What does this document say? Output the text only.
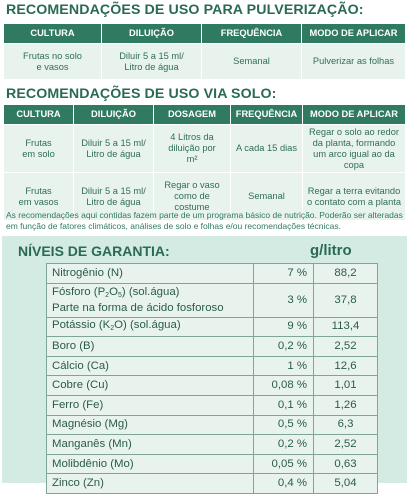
RECOMENDAÇÕES DE USO PARA PULVERIZAÇÃO:
CULTURA	DILUIÇÃO	FREQUÊNCIA	MODO DE APLICAR
Frutas no solo e vasos	Diluir 5 a 15 ml/ Litro de água	Semanal	Pulverizar as folhas
RECOMENDAÇÕES DE USO VIA SOLO:
CULTURA	DILUIÇÃO	DOSAGEM	FREQUÊNCIA	MODO DE APLICAR
Frutas em solo	Diluir 5 a 15 ml/ Litro de água	4 Litros da diluição por m²	A cada 15 dias	Regar o solo ao redor da planta, formando um arco igual ao da copa
Frutas em vasos	Diluir 5 a 15 ml/ Litro de água	Regar o vaso como de costume	Semanal	Regar a terra evitando o contato com a planta
As recomendações aqui contidas fazem parte de um programa básico de nutrição. Poderão ser alteradas em função de fatores climáticos, análises de solo e folhas e/ou recomendações técnicas.
NÍVEIS DE GARANTIA:	g/litro
Nitrogênio (N)	7 %	88,2
Fósforo $(P_2O_5)$ (sol.água)
Parte na forma de ácido fosforoso	3 %	37,8
Potássio $(K_2O)$ (sol.água)	9 %	113,4
Boro (B)	0,2 %	2,52
Cálcio (Ca)	1 %	12,6
Cobre (Cu)	0,08 %	1,01
Ferro (Fe)	0,1 %	1,26
Magnésio (Mg)	0,5 %	6,3
Manganês (Mn)	0,2 %	2,52
Molibdênio (Mo)	0,05 %	0,63
Zinco (Zn)	0,4 %	5,04
